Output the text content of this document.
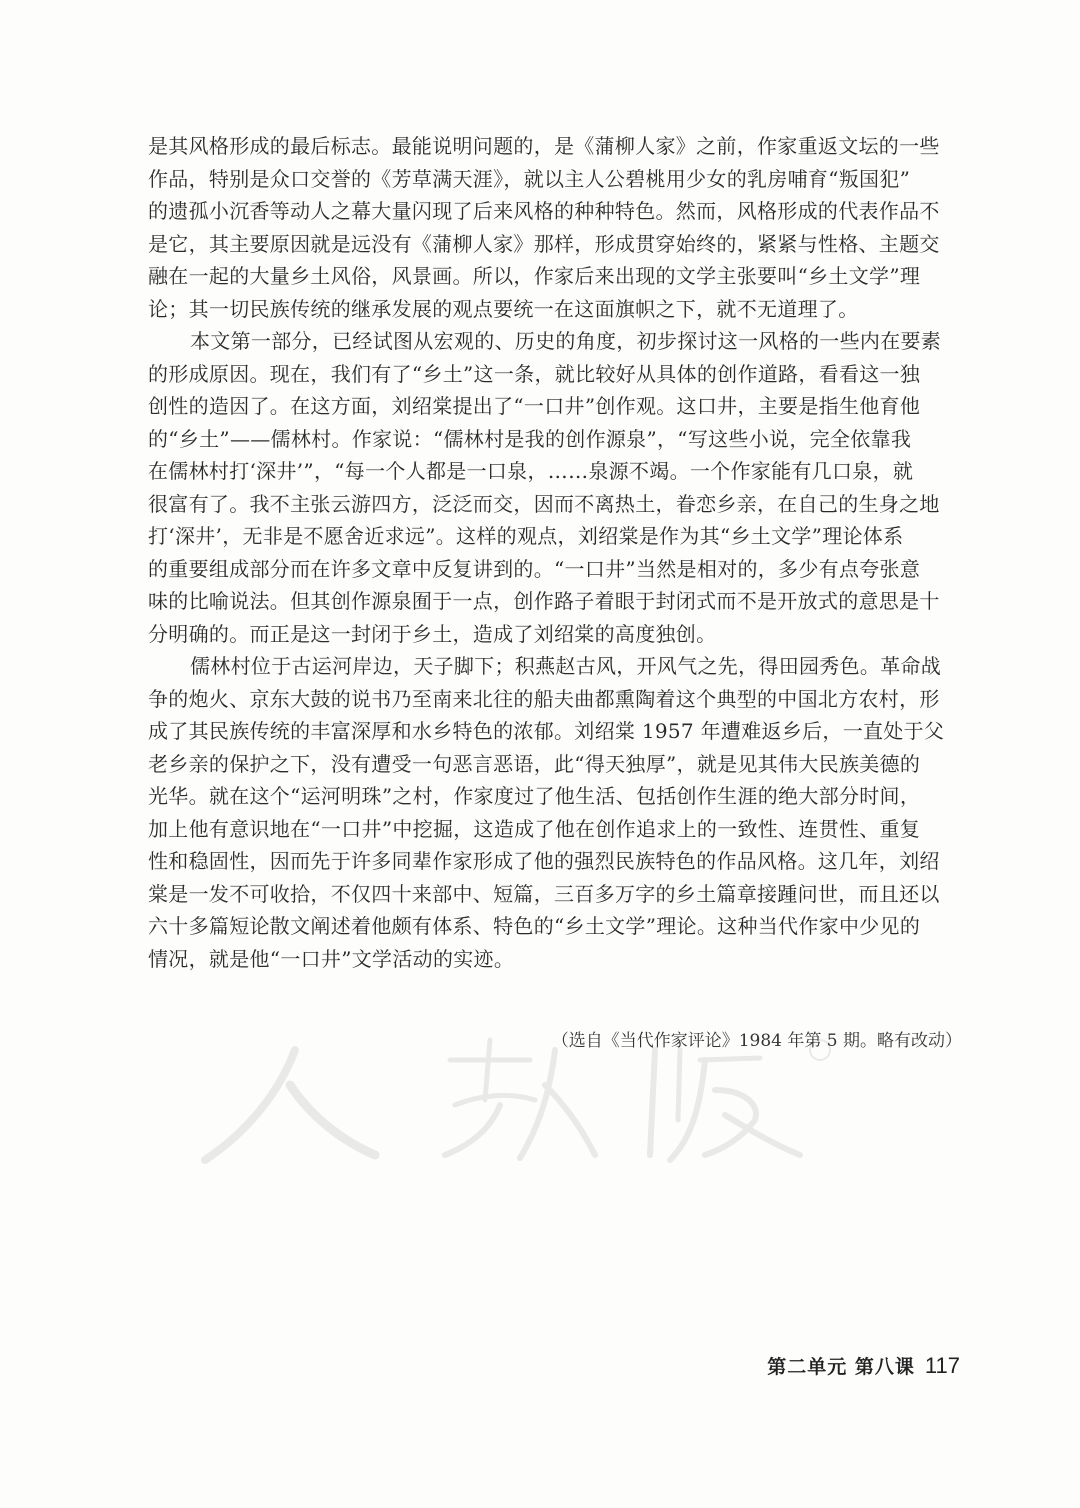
是其风格形成的最后标志。最能说明问题的，是《蒲柳人家》之前，作家重返文坛的一些
作品，特别是众口交誉的《芳草满天涯》，就以主人公碧桃用少女的乳房哺育“叛国犯”
的遗孤小沉香等动人之幕大量闪现了后来风格的种种特色。然而，风格形成的代表作品不
是它，其主要原因就是远没有《蒲柳人家》那样，形成贯穿始终的，紧紧与性格、主题交
融在一起的大量乡土风俗，风景画。所以，作家后来出现的文学主张要叫“乡土文学”理
论；其一切民族传统的继承发展的观点要统一在这面旗帜之下，就不无道理了。
本文第一部分，已经试图从宏观的、历史的角度，初步探讨这一风格的一些内在要素
的形成原因。现在，我们有了“乡土”这一条，就比较好从具体的创作道路，看看这一独
创性的造因了。在这方面，刘绍棠提出了“一口井”创作观。这口井，主要是指生他育他
的“乡土”——儒林村。作家说：“儒林村是我的创作源泉”，“写这些小说，完全依靠我
在儒林村打‘深井’”，“每一个人都是一口泉，……泉源不竭。一个作家能有几口泉，就
很富有了。我不主张云游四方，泛泛而交，因而不离热土，眷恋乡亲，在自己的生身之地
打‘深井’，无非是不愿舍近求远”。这样的观点，刘绍棠是作为其“乡土文学”理论体系
的重要组成部分而在许多文章中反复讲到的。“一口井”当然是相对的，多少有点夸张意
味的比喻说法。但其创作源泉囿于一点，创作路子着眼于封闭式而不是开放式的意思是十
分明确的。而正是这一封闭于乡土，造成了刘绍棠的高度独创。
儒林村位于古运河岸边，天子脚下；积燕赵古风，开风气之先，得田园秀色。革命战
争的炮火、京东大鼓的说书乃至南来北往的船夫曲都熏陶着这个典型的中国北方农村，形
成了其民族传统的丰富深厚和水乡特色的浓郁。刘绍棠 1957 年遭难返乡后，一直处于父
老乡亲的保护之下，没有遭受一句恶言恶语，此“得天独厚”，就是见其伟大民族美德的
光华。就在这个“运河明珠”之村，作家度过了他生活、包括创作生涯的绝大部分时间，
加上他有意识地在“一口井”中挖掘，这造成了他在创作追求上的一致性、连贯性、重复
性和稳固性，因而先于许多同辈作家形成了他的强烈民族特色的作品风格。这几年，刘绍
棠是一发不可收拾，不仅四十来部中、短篇，三百多万字的乡土篇章接踵问世，而且还以
六十多篇短论散文阐述着他颇有体系、特色的“乡土文学”理论。这种当代作家中少见的
情况，就是他“一口井”文学活动的实迹。
（选自《当代作家评论》1984 年第 5 期。略有改动）
第二单元 第八课 117
